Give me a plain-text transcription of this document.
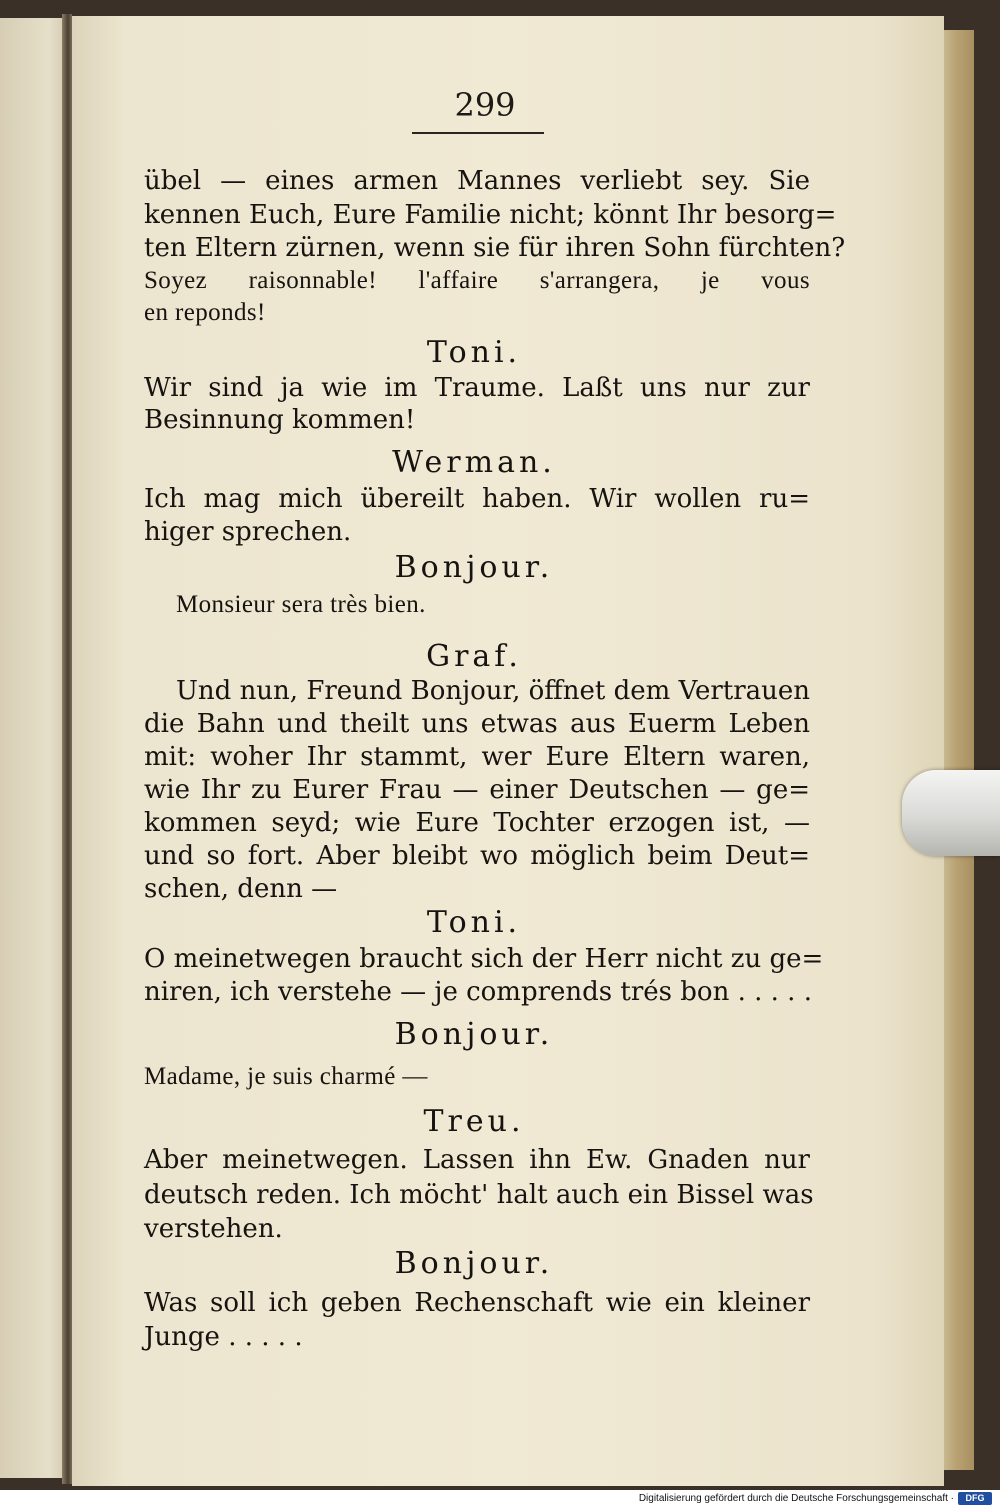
299
übel — eines armen Mannes verliebt sey. Sie
kennen Euch, Eure Familie nicht; könnt Ihr besorg=
ten Eltern zürnen, wenn sie für ihren Sohn fürchten?
Soyez raisonnable! l'affaire s'arrangera, je vous
en reponds!
Toni.
Wir sind ja wie im Traume. Laßt uns nur zur
Besinnung kommen!
Werman.
Ich mag mich übereilt haben. Wir wollen ru=
higer sprechen.
Bonjour.
Monsieur sera très bien.
Graf.
Und nun, Freund Bonjour, öffnet dem Vertrauen
die Bahn und theilt uns etwas aus Euerm Leben
mit: woher Ihr stammt, wer Eure Eltern waren,
wie Ihr zu Eurer Frau — einer Deutschen — ge=
kommen seyd; wie Eure Tochter erzogen ist, —
und so fort. Aber bleibt wo möglich beim Deut=
schen, denn —
Toni.
O meinetwegen braucht sich der Herr nicht zu ge=
niren, ich verstehe — je comprends trés bon . . . . .
Bonjour.
Madame, je suis charmé —
Treu.
Aber meinetwegen. Lassen ihn Ew. Gnaden nur
deutsch reden. Ich möcht' halt auch ein Bissel was
verstehen.
Bonjour.
Was soll ich geben Rechenschaft wie ein kleiner
Junge . . . . .
Digitalisierung gefördert durch die Deutsche Forschungsgemeinschaft ·	DFG
